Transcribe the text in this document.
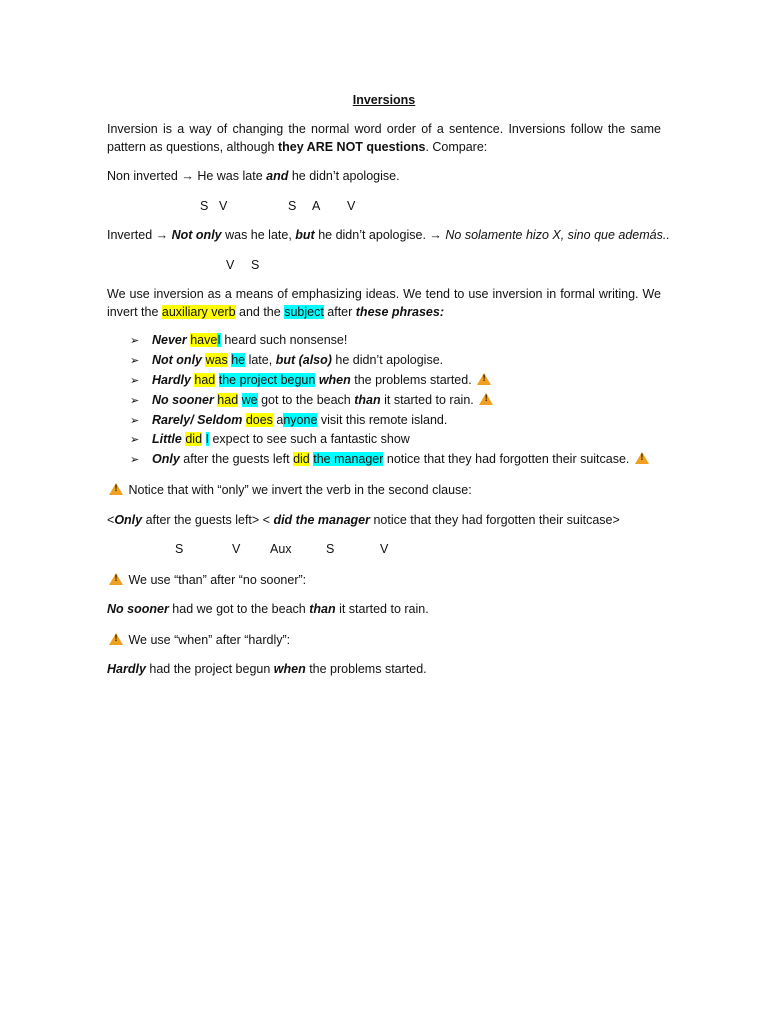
Inversions
Inversion is a way of changing the normal word order of a sentence. Inversions follow the same
pattern as questions, although they ARE NOT questions. Compare:
Non inverted → He was late and he didn’t apologise.
S V	S A V
Inverted → Not only was he late, but he didn’t apologise. → No solamente hizo X, sino que además..
V S
We use inversion as a means of emphasizing ideas. We tend to use inversion in formal writing. We
invert the auxiliary verb and the subject after these phrases:
➢ Never haveI heard such nonsense!
➢ Not only was he late, but (also) he didn’t apologise.
➢ Hardly had the project begun when the problems started. !
➢ No sooner had we got to the beach than it started to rain. !
➢ Rarely/ Seldom does anyone visit this remote island.
➢ Little did I expect to see such a fantastic show
➢ Only after the guests left did the manager notice that they had forgotten their suitcase. !
! Notice that with “only” we invert the verb in the second clause:
<Only after the guests left> < did the manager notice that they had forgotten their suitcase>
S	V Aux	S	V
! We use “than” after “no sooner”:
No sooner had we got to the beach than it started to rain.
! We use “when” after “hardly”:
Hardly had the project begun when the problems started.
